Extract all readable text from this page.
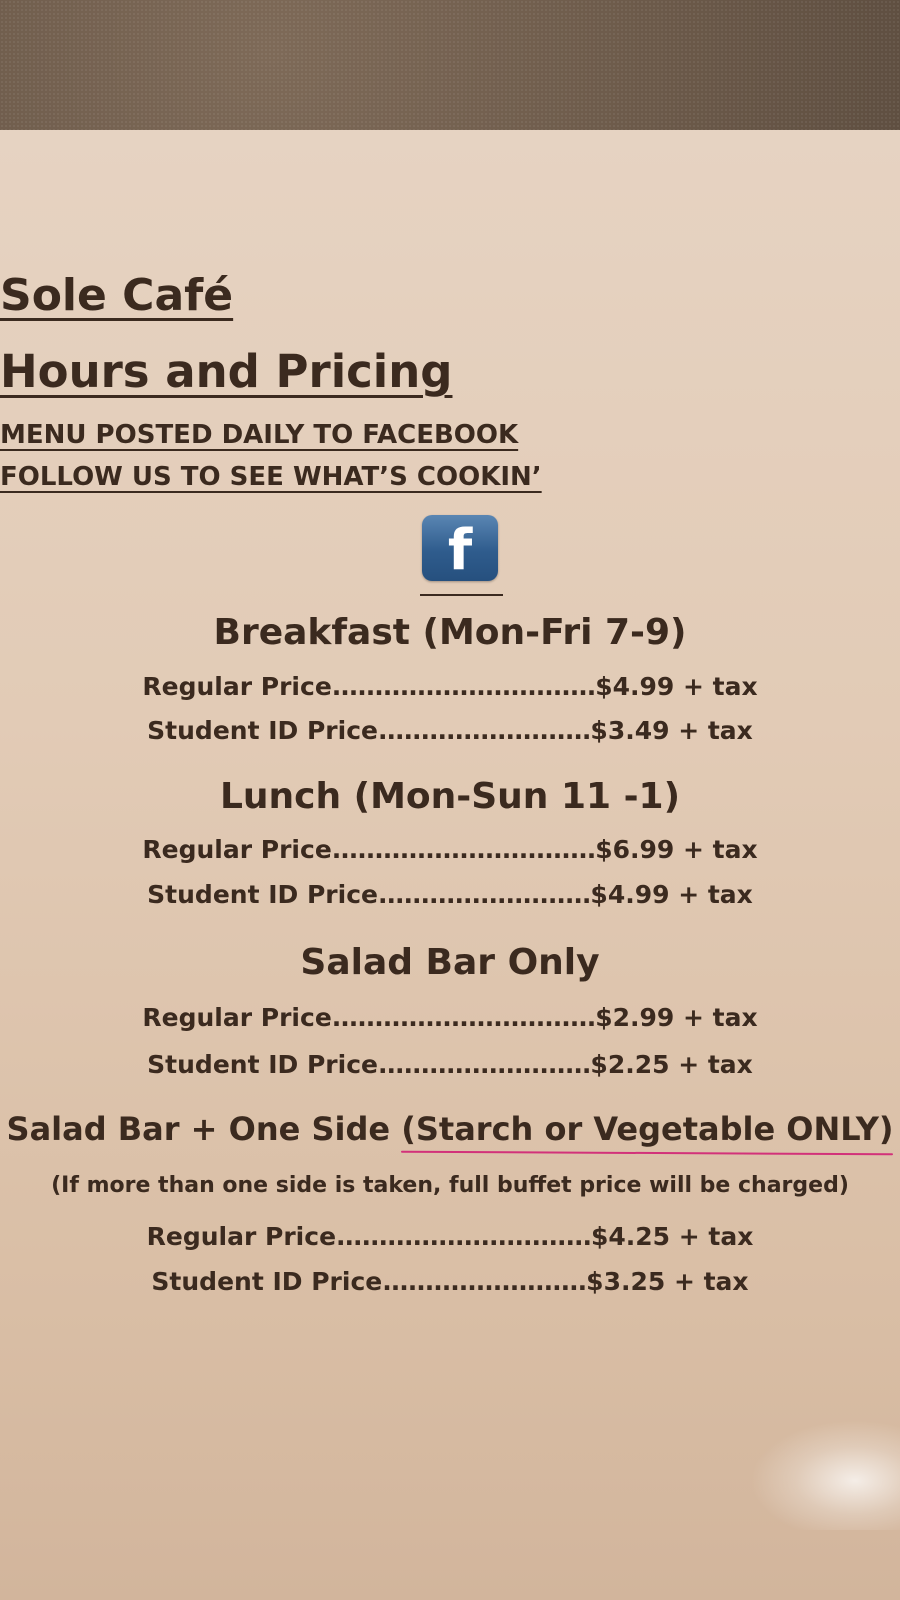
Sole Café
Hours and Pricing
MENU POSTED DAILY TO FACEBOOK
FOLLOW US TO SEE WHAT’S COOKIN’
f
Breakfast (Mon-Fri 7-9)
Regular Price...............................$4.99 + tax
Student ID Price.........................$3.49 + tax
Lunch (Mon-Sun 11 -1)
Regular Price...............................$6.99 + tax
Student ID Price.........................$4.99 + tax
Salad Bar Only
Regular Price...............................$2.99 + tax
Student ID Price.........................$2.25 + tax
Salad Bar + One Side (Starch or Vegetable ONLY)
(If more than one side is taken, full buffet price will be charged)
Regular Price..............................$4.25 + tax
Student ID Price........................$3.25 + tax
